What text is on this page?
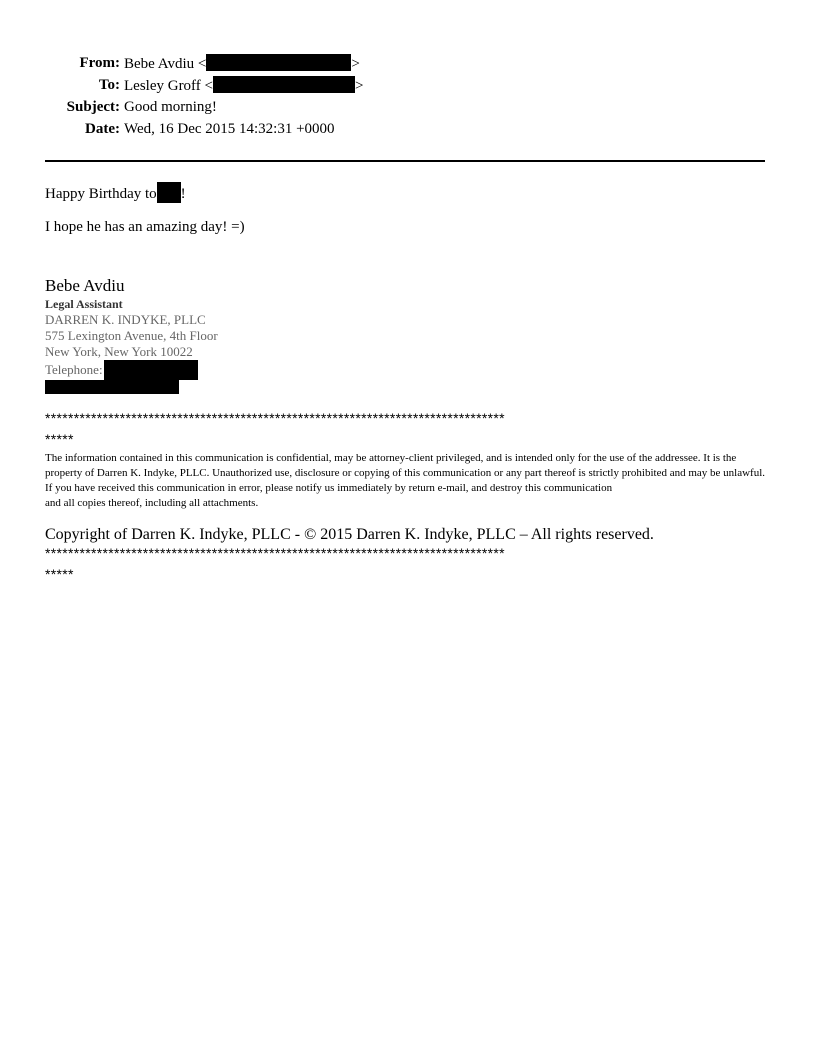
From: Bebe Avdiu <	>
To: Lesley Groff <	>
Subject: Good morning!
Date: Wed, 16 Dec 2015 14:32:31 +0000
Happy Birthday to !
I hope he has an amazing day! =)
Bebe Avdiu
Legal Assistant
DARREN K. INDYKE, PLLC
575 Lexington Avenue, 4th Floor
New York, New York 10022
Telephone:
********************************************************************************
*****
The information contained in this communication is confidential, may be attorney-client privileged, and is intended only for the use of the addressee. It is the property of Darren K. Indyke, PLLC. Unauthorized use, disclosure or copying of this communication or any part thereof is strictly prohibited and may be unlawful. If you have received this communication in error, please notify us immediately by return e-mail, and destroy this communication
and all copies thereof, including all attachments.
Copyright of Darren K. Indyke, PLLC - © 2015 Darren K. Indyke, PLLC – All rights reserved.
********************************************************************************
*****
